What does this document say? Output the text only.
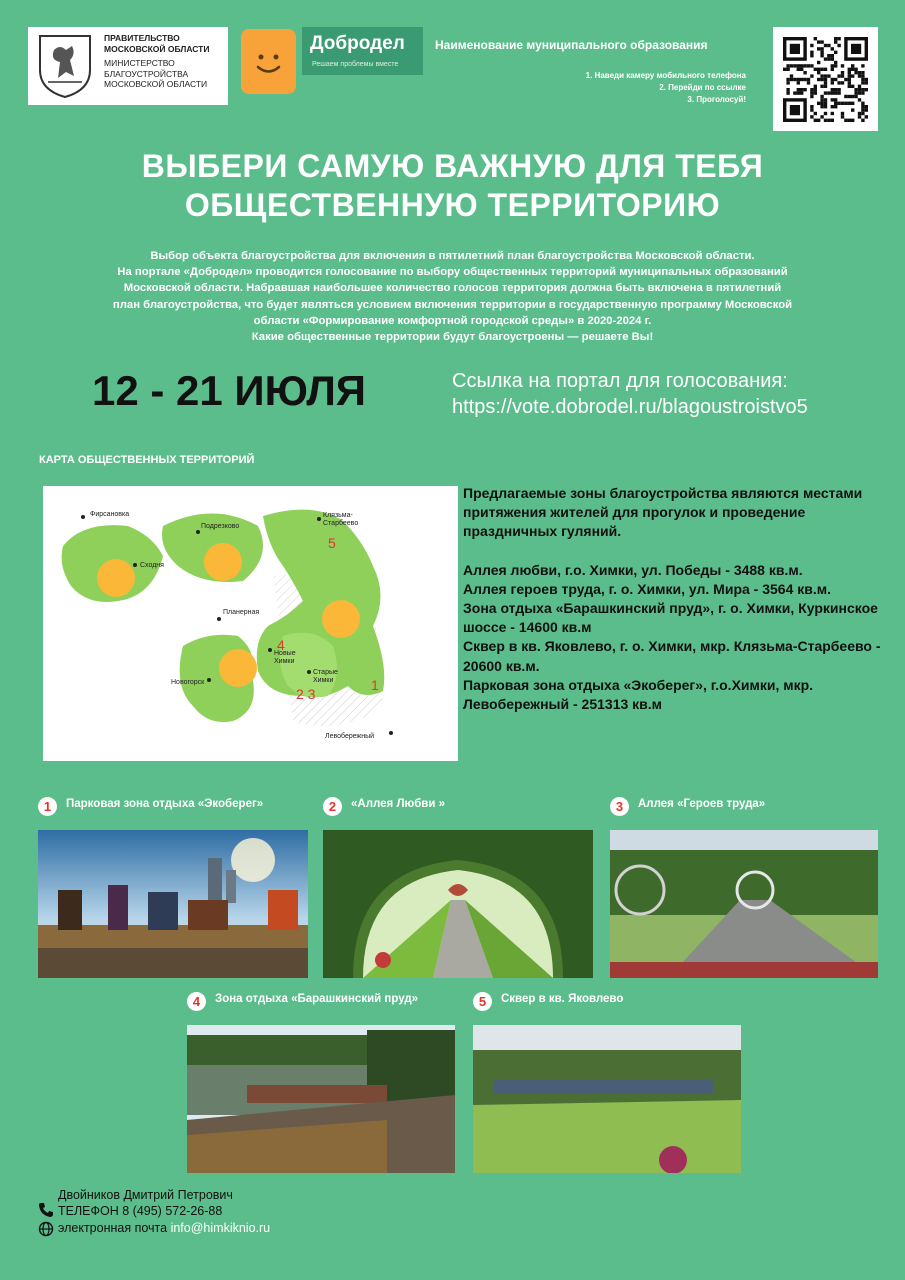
ПРАВИТЕЛЬСТВО МОСКОВСКОЙ ОБЛАСТИ
МИНИСТЕРСТВО БЛАГОУСТРОЙСТВА МОСКОВСКОЙ ОБЛАСТИ
Добродел
Решаем проблемы вместе
Наименование муниципального образования
1. Наведи камеру мобильного телефона
2. Перейди по ссылке
3. Проголосуй!
ВЫБЕРИ САМУЮ ВАЖНУЮ ДЛЯ ТЕБЯ
ОБЩЕСТВЕННУЮ ТЕРРИТОРИЮ
Выбор объекта благоустройства для включения в пятилетний план благоустройства Московской области.
На портале «Добродел» проводится голосование по выбору общественных территорий муниципальных образований
Московской области. Набравшая наибольшее количество голосов территория должна быть включена в пятилетний
план благоустройства, что будет являться условием включения территории в государственную программу Московской
области «Формирование комфортной городской среды» в 2020-2024 г.
Какие общественные территории будут благоустроены — решаете Вы!
12 - 21 ИЮЛЯ	Ссылка на портал для голосования:
https://vote.dobrodel.ru/blagoustroistvo5
КАРТА ОБЩЕСТВЕННЫХ ТЕРРИТОРИЙ
Фирсановка
Подрезково
Клязьма-
Старбеево
Сходня
Планерная
Новые
Химки
Старые
Химки
Новогорск
Левобережный
1
2 3
4
5

Предлагаемые зоны благоустройства являются местами притяжения жителей для прогулок и проведение праздничных гуляний.

Аллея любви, г.о. Химки, ул. Победы - 3488 кв.м.

Аллея героев труда, г. о. Химки, ул. Мира - 3564 кв.м.

Зона отдыха «Барашкинский пруд», г. о. Химки, Куркинское шоссе - 14600 кв.м

Сквер в кв. Яковлево, г. о. Химки, мкр. Клязьма-Старбеево - 20600 кв.м.

Парковая зона отдыха «Экоберег», г.о.Химки, мкр. Левобережный - 251313 кв.м

1	Парковая зона отдыха «Экоберег»	2	«Аллея Любви »	3	Аллея «Героев труда»
4	Зона отдыха «Барашкинский пруд»	5	Сквер в кв. Яковлево
Двойников Дмитрий Петрович
ТЕЛЕФОН 8 (495) 572-26-88
электронная почта info@himkiknio.ru
